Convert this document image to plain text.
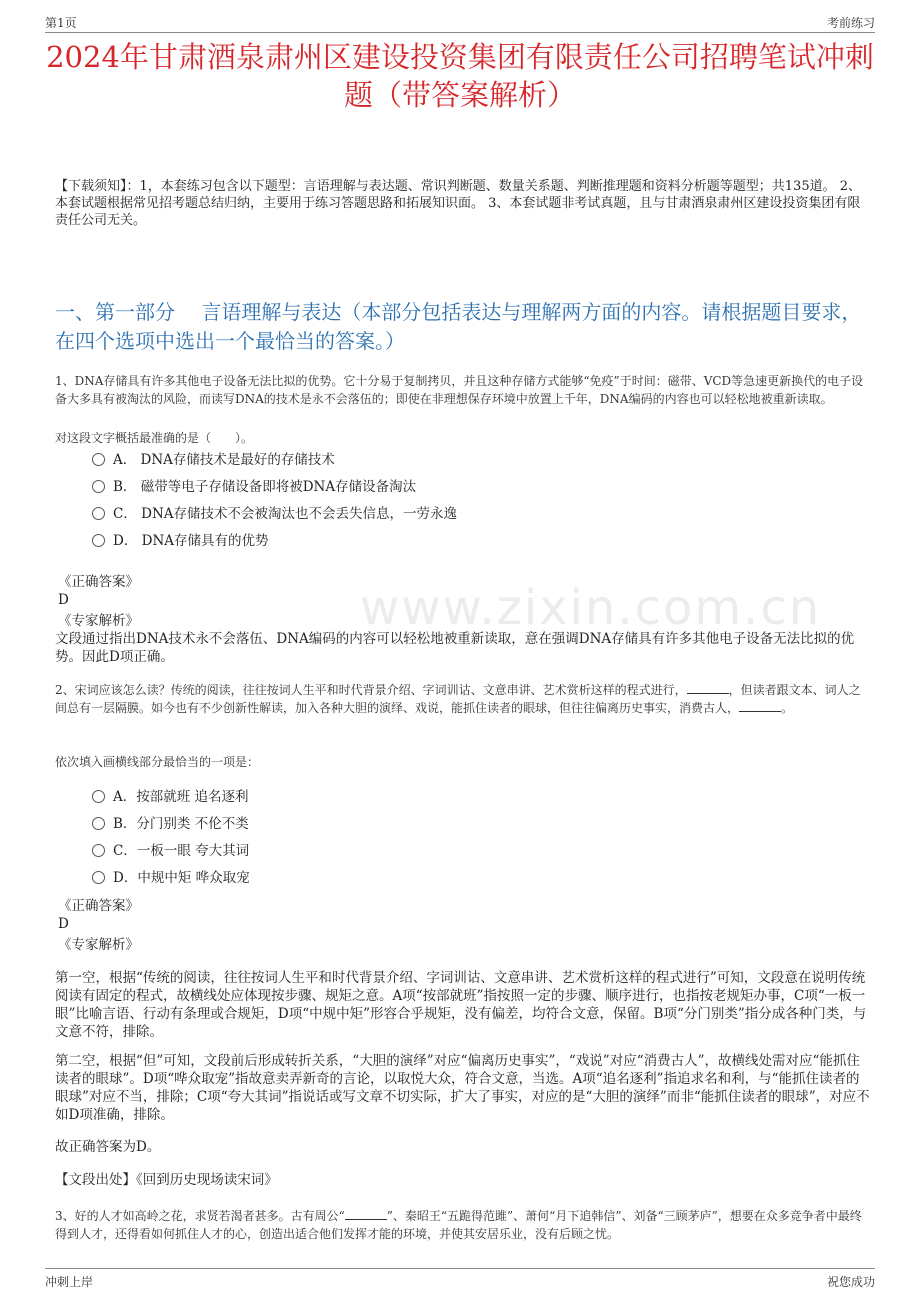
第1页	考前练习
www.zixin.com.cn
2024年甘肃酒泉肃州区建设投资集团有限责任公司招聘笔试冲刺题（带答案解析）
【下载须知】：1，本套练习包含以下题型：言语理解与表达题、常识判断题、数量关系题、判断推理题和资料分析题等题型；共135道。 2、本套试题根据常见招考题总结归纳，主要用于练习答题思路和拓展知识面。 3、本套试题非考试真题，且与甘肃酒泉肃州区建设投资集团有限责任公司无关。
一、第一部分　 言语理解与表达（本部分包括表达与理解两方面的内容。请根据题目要求，在四个选项中选出一个最恰当的答案。）
1、DNA存储具有许多其他电子设备无法比拟的优势。它十分易于复制拷贝，并且这种存储方式能够“免疫”于时间：磁带、VCD等急速更新换代的电子设备大多具有被淘汰的风险，而读写DNA的技术是永不会落伍的；即使在非理想保存环境中放置上千年，DNA编码的内容也可以轻松地被重新读取。
对这段文字概括最准确的是（　　）。
A． DNA存储技术是最好的存储技术
B． 磁带等电子存储设备即将被DNA存储设备淘汰
C． DNA存储技术不会被淘汰也不会丢失信息，一劳永逸
D． DNA存储具有的优势
《正确答案》
D
《专家解析》
文段通过指出DNA技术永不会落伍、DNA编码的内容可以轻松地被重新读取，意在强调DNA存储具有许多其他电子设备无法比拟的优势。因此D项正确。
2、宋词应该怎么读？传统的阅读，往往按词人生平和时代背景介绍、字词训诂、文意串讲、艺术赏析这样的程式进行，	，但读者跟文本、词人之间总有一层隔膜。如今也有不少创新性解读，加入各种大胆的演绎、戏说，能抓住读者的眼球，但往往偏离历史事实，消费古人，	。
依次填入画横线部分最恰当的一项是：
A．按部就班 追名逐利
B．分门别类 不伦不类
C．一板一眼 夸大其词
D．中规中矩 哗众取宠
《正确答案》
D
《专家解析》
第一空，根据“传统的阅读，往往按词人生平和时代背景介绍、字词训诂、文意串讲、艺术赏析这样的程式进行”可知，文段意在说明传统阅读有固定的程式，故横线处应体现按步骤、规矩之意。A项“按部就班”指按照一定的步骤、顺序进行，也指按老规矩办事，C项“一板一眼”比喻言语、行动有条理或合规矩，D项“中规中矩”形容合乎规矩，没有偏差，均符合文意，保留。B项“分门别类”指分成各种门类，与文意不符，排除。
第二空，根据“但”可知，文段前后形成转折关系，“大胆的演绎”对应“偏离历史事实”，“戏说”对应“消费古人”，故横线处需对应“能抓住读者的眼球”。D项“哗众取宠”指故意卖弄新奇的言论，以取悦大众，符合文意，当选。A项“追名逐利”指追求名和利，与“能抓住读者的眼球”对应不当，排除；C项“夸大其词”指说话或写文章不切实际，扩大了事实，对应的是“大胆的演绎”而非“能抓住读者的眼球”，对应不如D项准确，排除。
故正确答案为D。
【文段出处】《回到历史现场读宋词》
3、好的人才如高岭之花，求贤若渴者甚多。古有周公“	”、秦昭王“五跪得范雎”、萧何“月下追韩信”、刘备“三顾茅庐”，想要在众多竞争者中最终得到人才，还得看如何抓住人才的心，创造出适合他们发挥才能的环境，并使其安居乐业，没有后顾之忧。
冲刺上岸	祝您成功
